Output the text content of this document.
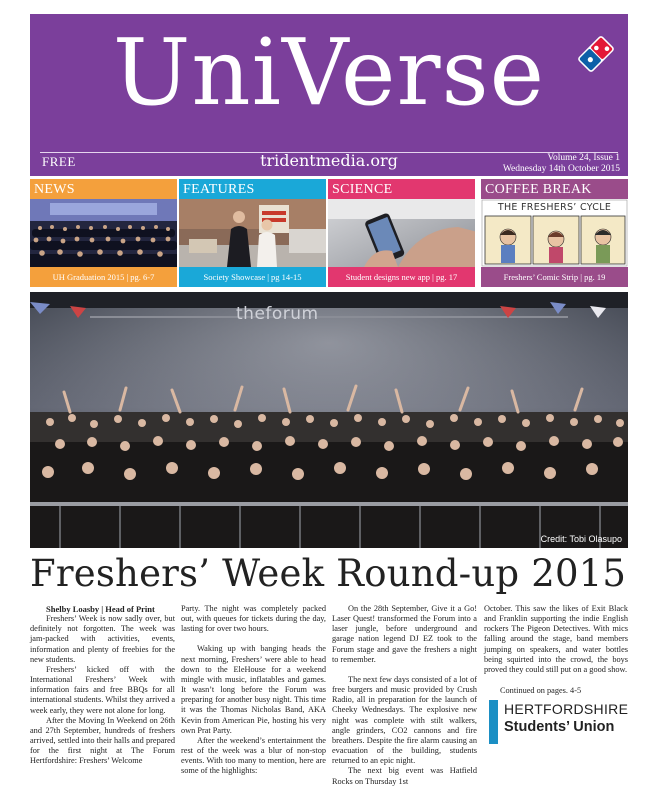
UniVerse
FREE	tridentmedia.org	Volume 24, Issue 1
Wednesday 14th October 2015
NEWS
UH Graduation 2015 | pg. 6-7
FEATURES
Society Showcase | pg 14-15
SCIENCE
Student designs new app | pg. 17
COFFEE BREAK
THE FRESHERS’ CYCLE
Freshers’ Comic Strip | pg. 19
theforum
Credit: Tobi Olasupo
Freshers’ Week Round-up 2015

Shelby Loasby | Head of Print

Freshers’ Week is now sadly over, but definitely not forgotten. The week was jam-packed with activities, events, information and plenty of freebies for the new students.

Freshers’ kicked off with the International Freshers’ Week with information fairs and free BBQs for all international students. Whilst they arrived a week early, they were not alone for long.

After the Moving In Weekend on 26th and 27th September, hundreds of freshers arrived, settled into their halls and prepared for the first night at The Forum Hertfordshire: Freshers’ Welcome

Party. The night was completely packed out, with queues for tickets during the day, lasting for over two hours.

Waking up with banging heads the next morning, Freshers’ were able to head down to the EleHouse for a weekend mingle with music, inflatables and games. It wasn’t long before the Forum was preparing for another busy night. This time it was the Thomas Nicholas Band, AKA Kevin from American Pie, hosting his very own Prat Party.

After the weekend’s entertainment the rest of the week was a blur of non-stop events. With too many to mention, here are some of the highlights:

On the 28th September, Give it a Go! Laser Quest! transformed the Forum into a laser jungle, before underground and garage nation legend DJ EZ took to the Forum stage and gave the freshers a night to remember.

The next few days consisted of a lot of free burgers and music provided by Crush Radio, all in preparation for the launch of Cheeky Wednesdays. The explosive new night was complete with stilt walkers, angle grinders, CO2 cannons and fire breathers. Despite the fire alarm causing an evacuation of the building, students returned to an epic night.

The next big event was Hatfield Rocks on Thursday 1st

October. This saw the likes of Exit Black and Franklin supporting the indie English rockers The Pigeon Detectives. With mics falling around the stage, band members jumping on speakers, and water bottles being squirted into the crowd, the boys proved they could still put on a good show.

Continued on pages. 4-5

HERTFORDSHIRE
Students’ Union
